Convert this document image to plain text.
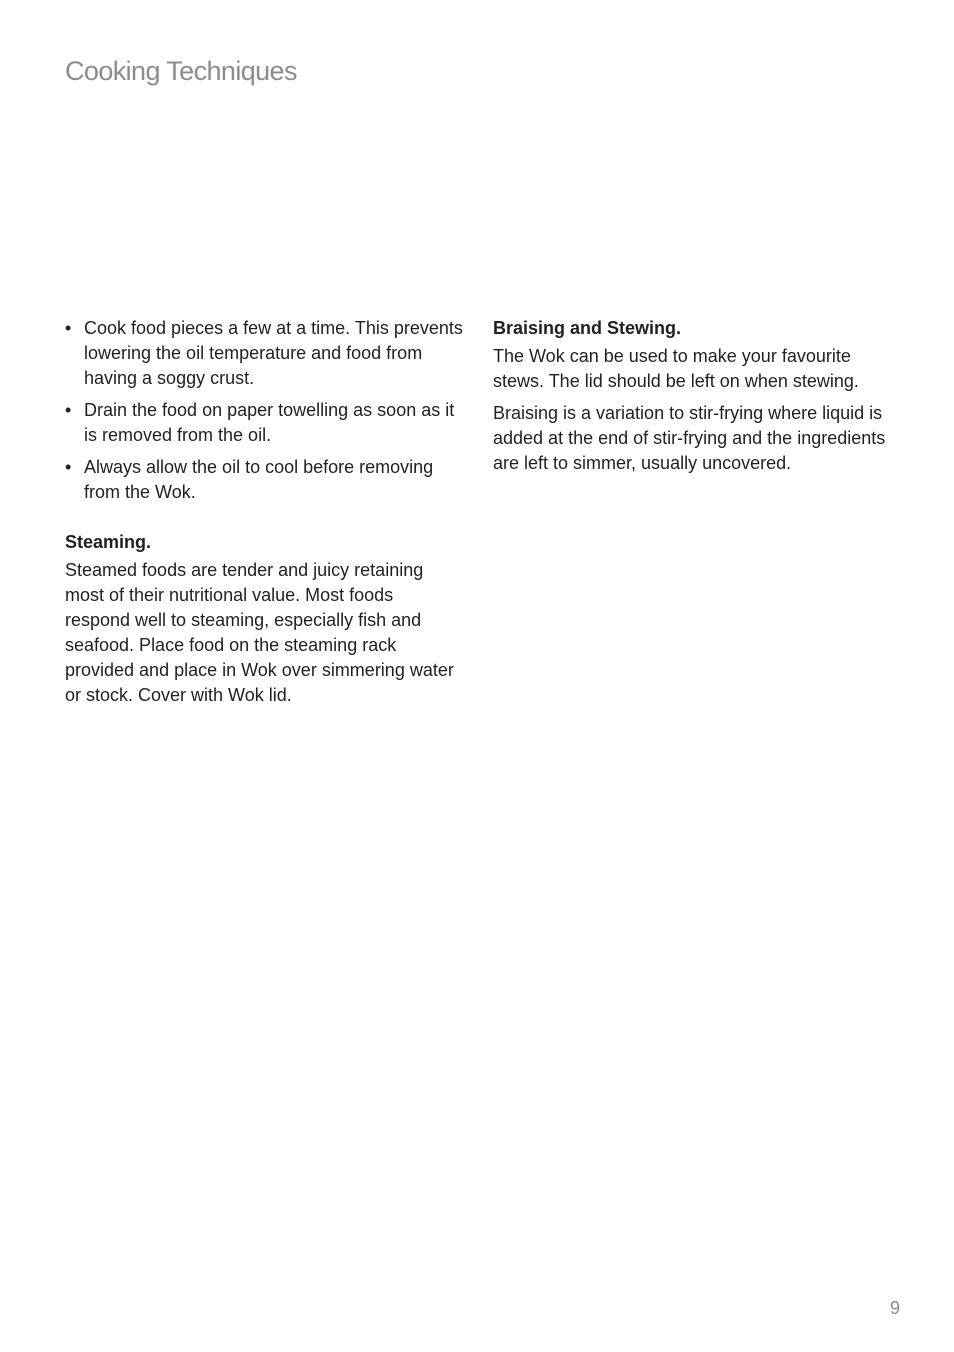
Cooking Techniques
• Cook food pieces a few at a time. This prevents lowering the oil temperature and food from having a soggy crust.
• Drain the food on paper towelling as soon as it is removed from the oil.
• Always allow the oil to cool before removing from the Wok.
Steaming.

Steamed foods are tender and juicy retaining most of their nutritional value. Most foods respond well to steaming, especially fish and seafood. Place food on the steaming rack provided and place in Wok over simmering water or stock. Cover with Wok lid.

Braising and Stewing.

The Wok can be used to make your favourite stews. The lid should be left on when stewing.

Braising is a variation to stir-frying where liquid is added at the end of stir-frying and the ingredients are left to simmer, usually uncovered.

9
